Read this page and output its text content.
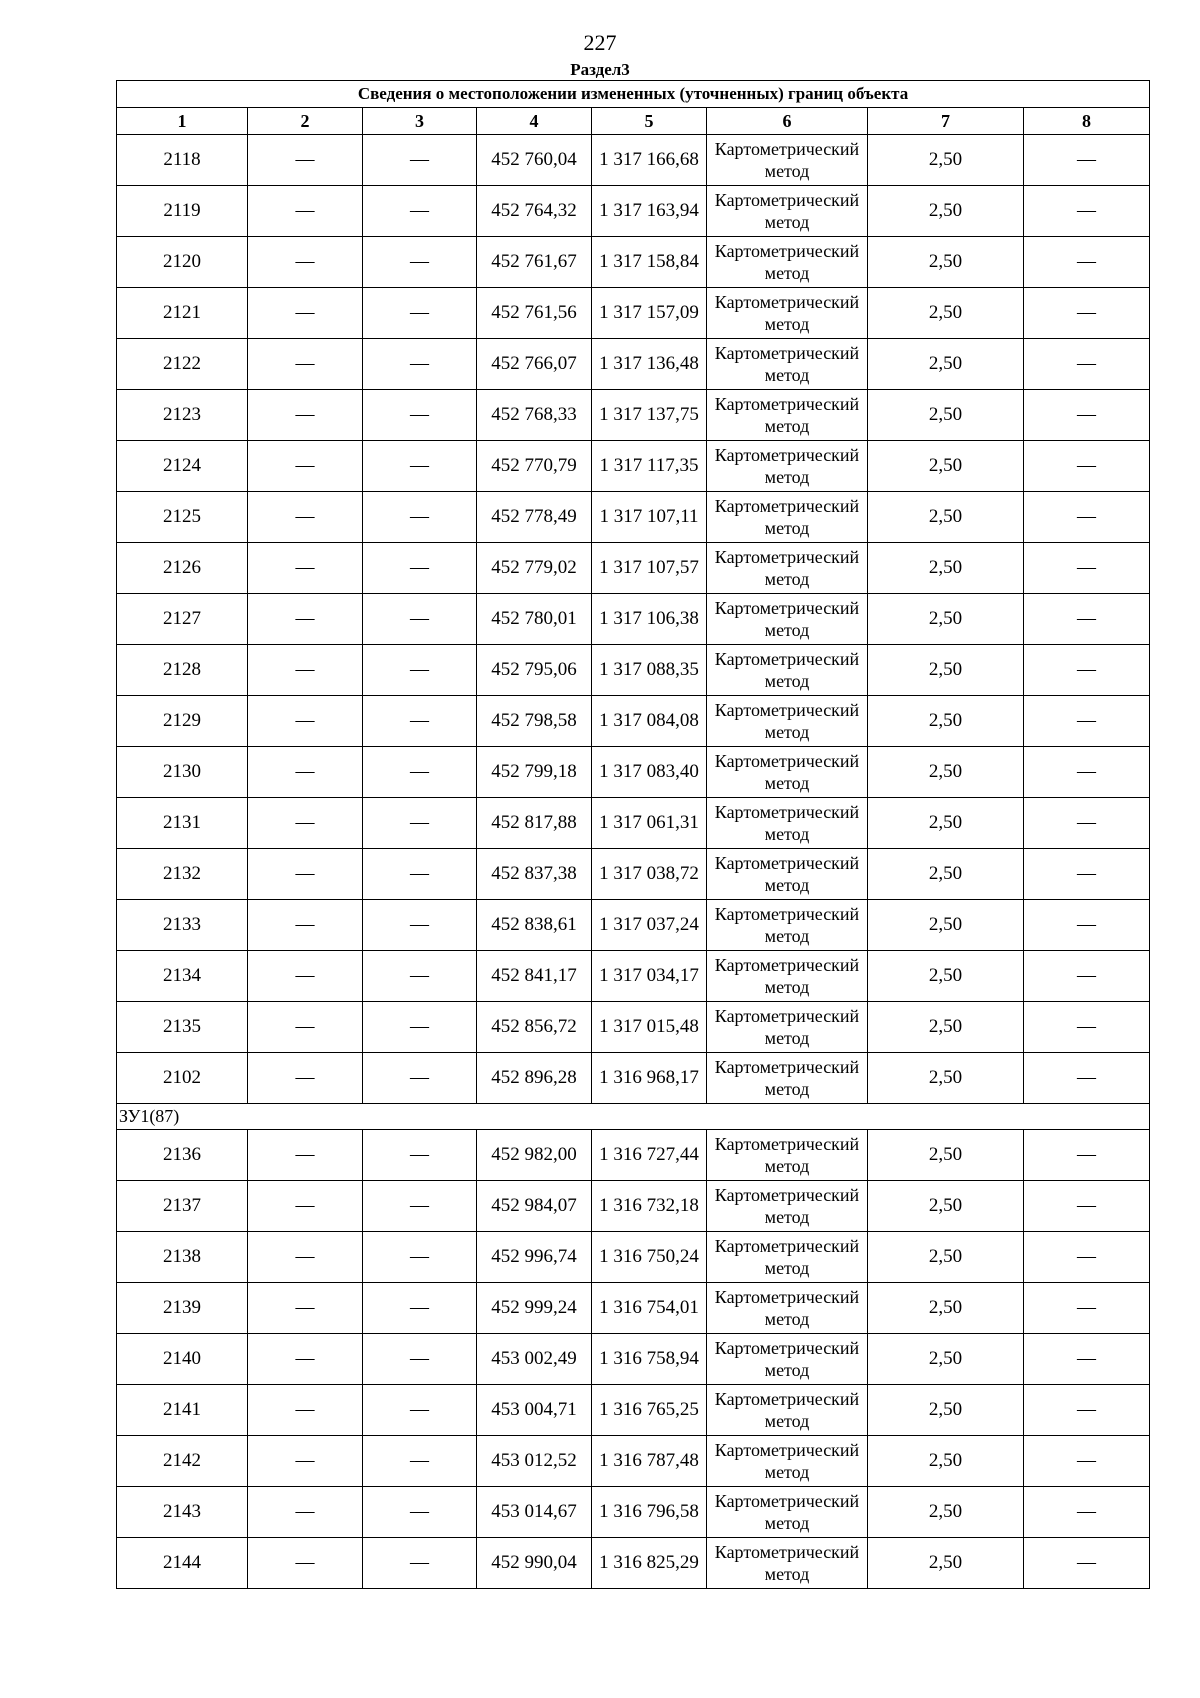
227
Раздел3
Сведения о местоположении измененных (уточненных) границ объекта							
1	2	3	4	5	6	7	8
2118	—	—	452 760,04	1 317 166,68	Картометрический метод	2,50	—
2119	—	—	452 764,32	1 317 163,94	Картометрический метод	2,50	—
2120	—	—	452 761,67	1 317 158,84	Картометрический метод	2,50	—
2121	—	—	452 761,56	1 317 157,09	Картометрический метод	2,50	—
2122	—	—	452 766,07	1 317 136,48	Картометрический метод	2,50	—
2123	—	—	452 768,33	1 317 137,75	Картометрический метод	2,50	—
2124	—	—	452 770,79	1 317 117,35	Картометрический метод	2,50	—
2125	—	—	452 778,49	1 317 107,11	Картометрический метод	2,50	—
2126	—	—	452 779,02	1 317 107,57	Картометрический метод	2,50	—
2127	—	—	452 780,01	1 317 106,38	Картометрический метод	2,50	—
2128	—	—	452 795,06	1 317 088,35	Картометрический метод	2,50	—
2129	—	—	452 798,58	1 317 084,08	Картометрический метод	2,50	—
2130	—	—	452 799,18	1 317 083,40	Картометрический метод	2,50	—
2131	—	—	452 817,88	1 317 061,31	Картометрический метод	2,50	—
2132	—	—	452 837,38	1 317 038,72	Картометрический метод	2,50	—
2133	—	—	452 838,61	1 317 037,24	Картометрический метод	2,50	—
2134	—	—	452 841,17	1 317 034,17	Картометрический метод	2,50	—
2135	—	—	452 856,72	1 317 015,48	Картометрический метод	2,50	—
2102	—	—	452 896,28	1 316 968,17	Картометрический метод	2,50	—
ЗУ1(87)							
2136	—	—	452 982,00	1 316 727,44	Картометрический метод	2,50	—
2137	—	—	452 984,07	1 316 732,18	Картометрический метод	2,50	—
2138	—	—	452 996,74	1 316 750,24	Картометрический метод	2,50	—
2139	—	—	452 999,24	1 316 754,01	Картометрический метод	2,50	—
2140	—	—	453 002,49	1 316 758,94	Картометрический метод	2,50	—
2141	—	—	453 004,71	1 316 765,25	Картометрический метод	2,50	—
2142	—	—	453 012,52	1 316 787,48	Картометрический метод	2,50	—
2143	—	—	453 014,67	1 316 796,58	Картометрический метод	2,50	—
2144	—	—	452 990,04	1 316 825,29	Картометрический метод	2,50	—
